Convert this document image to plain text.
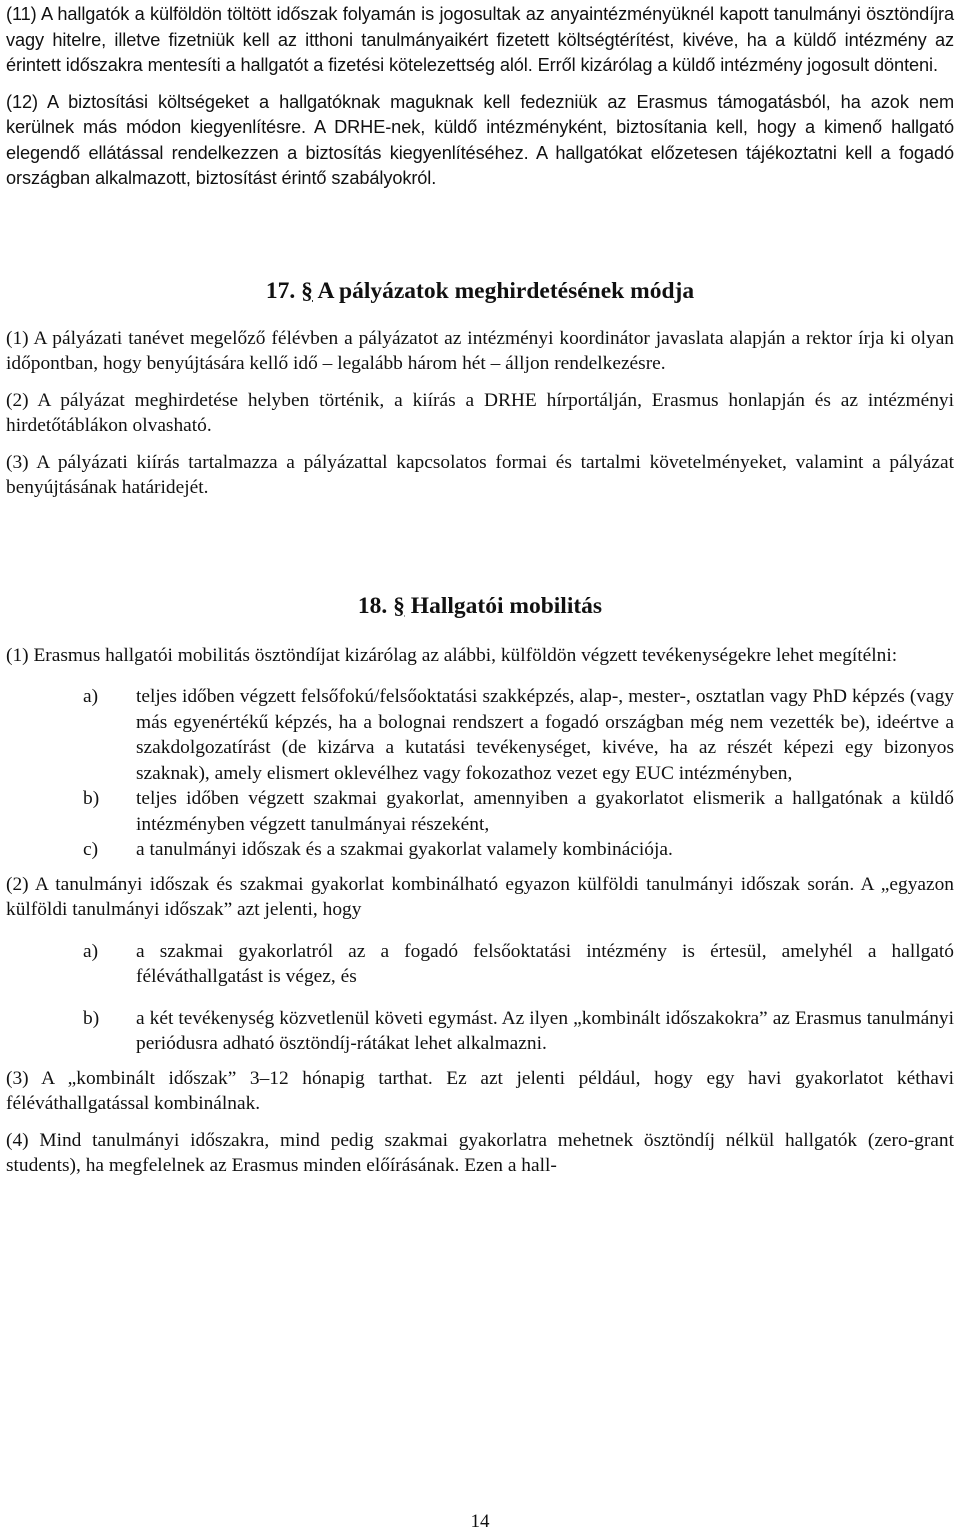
(11) A hallgatók a külföldön töltött időszak folyamán is jogosultak az anyaintézményüknél kapott tanulmányi ösztöndíjra vagy hitelre, illetve fizetniük kell az itthoni tanulmányaikért fizetett költségtérítést, kivéve, ha a küldő intézmény az érintett időszakra mentesíti a hallgatót a fizetési kötelezettség alól. Erről kizárólag a küldő intézmény jogosult dönteni.

(12) A biztosítási költségeket a hallgatóknak maguknak kell fedezniük az Erasmus támogatásból, ha azok nem kerülnek más módon kiegyenlítésre. A DRHE-nek, küldő intézményként, biztosítania kell, hogy a kimenő hallgató elegendő ellátással rendelkezzen a biztosítás kiegyenlítéséhez. A hallgatókat előzetesen tájékoztatni kell a fogadó országban alkalmazott, biztosítást érintő szabályokról.

17. § A pályázatok meghirdetésének módja

(1) A pályázati tanévet megelőző félévben a pályázatot az intézményi koordinátor javaslata alapján a rektor írja ki olyan időpontban, hogy benyújtására kellő idő – legalább három hét – álljon rendelkezésre.

(2) A pályázat meghirdetése helyben történik, a kiírás a DRHE hírportálján, Erasmus honlapján és az intézményi hirdetőtáblákon olvasható.

(3) A pályázati kiírás tartalmazza a pályázattal kapcsolatos formai és tartalmi követelményeket, valamint a pályázat benyújtásának határidejét.

18. § Hallgatói mobilitás

(1) Erasmus hallgatói mobilitás ösztöndíjat kizárólag az alábbi, külföldön végzett tevékenységekre lehet megítélni:

a)	teljes időben végzett felsőfokú/felsőoktatási szakképzés, alap-, mester-, osztatlan vagy PhD képzés (vagy más egyenértékű képzés, ha a bolognai rendszert a fogadó országban még nem vezették be), ideértve a szakdolgozatírást (de kizárva a kutatási tevékenységet, kivéve, ha az részét képezi egy bizonyos szaknak), amely elismert oklevélhez vagy fokozathoz vezet egy EUC intézményben,
b)	teljes időben végzett szakmai gyakorlat, amennyiben a gyakorlatot elismerik a hallgatónak a küldő intézményben végzett tanulmányai részeként,
c)	a tanulmányi időszak és a szakmai gyakorlat valamely kombinációja.

(2) A tanulmányi időszak és szakmai gyakorlat kombinálható egyazon külföldi tanulmányi időszak során. A „egyazon külföldi tanulmányi időszak” azt jelenti, hogy

a)	a szakmai gyakorlatról az a fogadó felsőoktatási intézmény is értesül, amelyhél a hallgató féléváthallgatást is végez, és
b)	a két tevékenység közvetlenül követi egymást. Az ilyen „kombinált időszakokra” az Erasmus tanulmányi periódusra adható ösztöndíj-rátákat lehet alkalmazni.

(3) A „kombinált időszak” 3–12 hónapig tarthat. Ez azt jelenti például, hogy egy havi gyakorlatot kéthavi féléváthallgatással kombinálnak.

(4) Mind tanulmányi időszakra, mind pedig szakmai gyakorlatra mehetnek ösztöndíj nélkül hallgatók (zero-grant students), ha megfelelnek az Erasmus minden előírásának. Ezen a hall-

14
